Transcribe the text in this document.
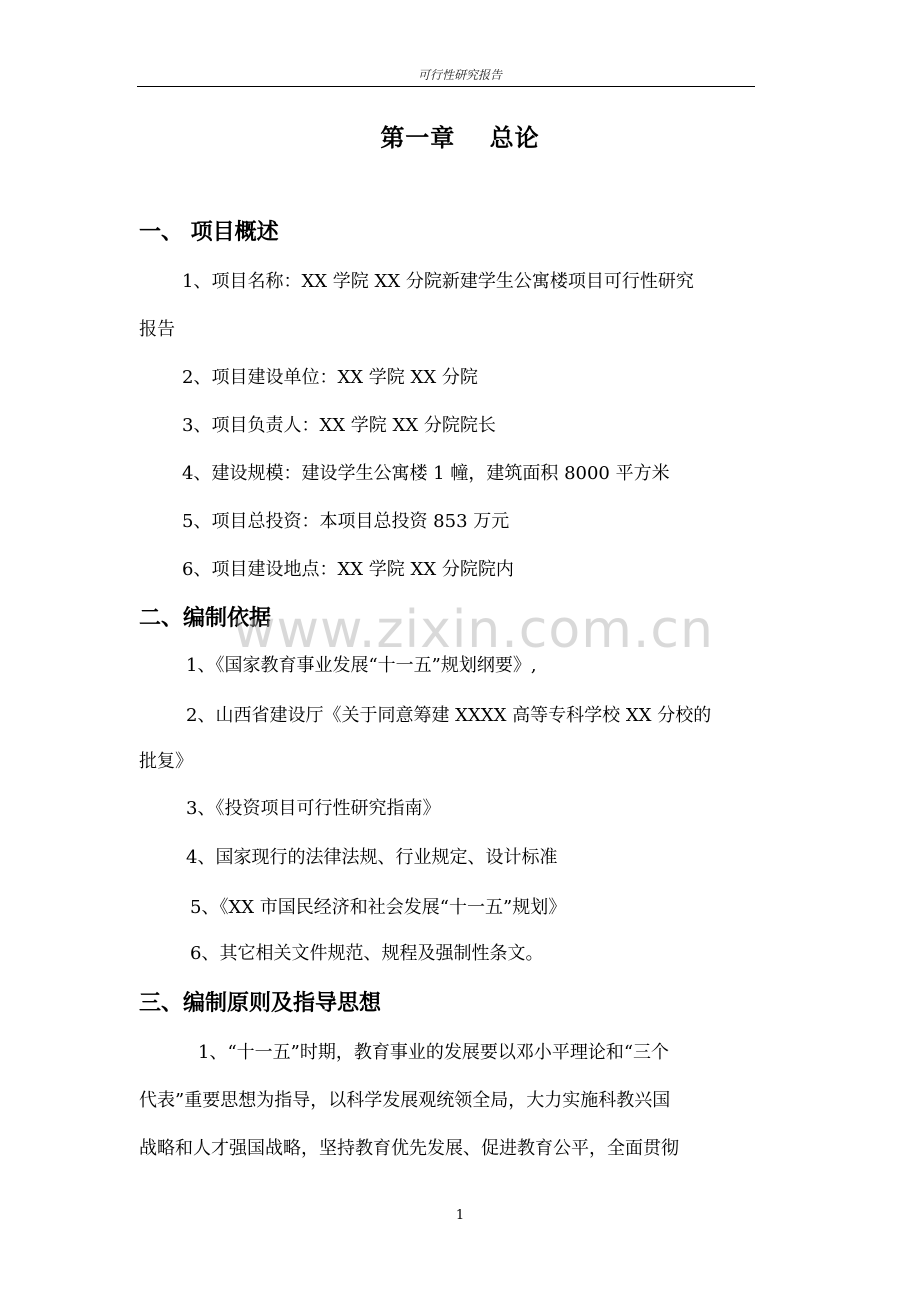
可行性研究报告
第一章　 总论
一、 项目概述
1、项目名称：XX 学院 XX 分院新建学生公寓楼项目可行性研究
报告
2、项目建设单位：XX 学院 XX 分院
3、项目负责人：XX 学院 XX 分院院长
4、建设规模：建设学生公寓楼 1 幢，建筑面积 8000 平方米
5、项目总投资：本项目总投资 853 万元
6、项目建设地点：XX 学院 XX 分院院内
二、编制依据
1、《国家教育事业发展“十一五”规划纲要》,
2、山西省建设厅《关于同意筹建 XXXX 高等专科学校 XX 分校的
批复》
3、《投资项目可行性研究指南》
4、国家现行的法律法规、行业规定、设计标准
5、《XX 市国民经济和社会发展“十一五”规划》
6、其它相关文件规范、规程及强制性条文。
三、编制原则及指导思想
1、“十一五”时期，教育事业的发展要以邓小平理论和“三个
代表”重要思想为指导，以科学发展观统领全局，大力实施科教兴国
战略和人才强国战略，坚持教育优先发展、促进教育公平，全面贯彻
www.zixin.com.cn
1
